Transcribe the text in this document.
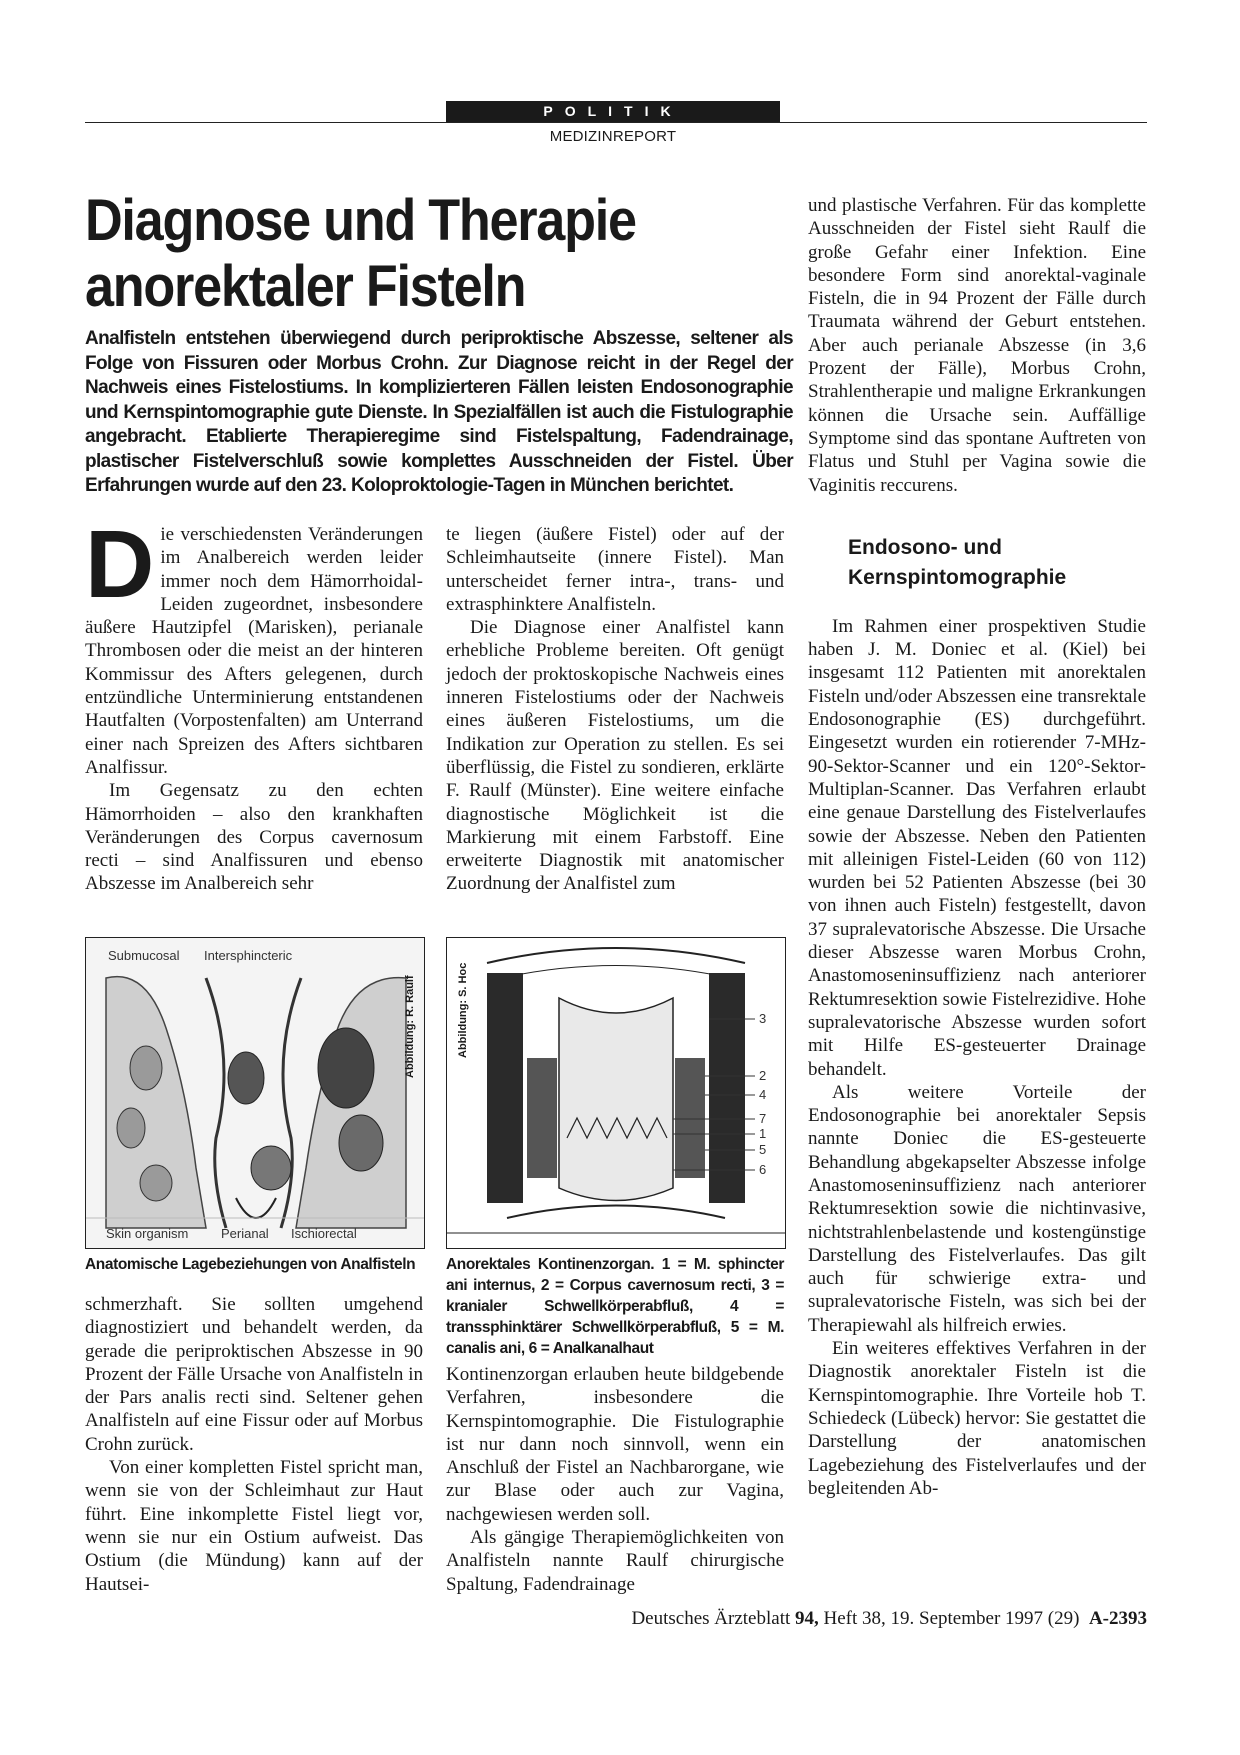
POLITIK
MEDIZINREPORT
Diagnose und Therapie
anorektaler Fisteln

Analfisteln entstehen überwiegend durch periproktische Abszesse, seltener als Folge von Fissuren oder Morbus Crohn. Zur Diagnose reicht in der Regel der Nachweis eines Fistelostiums. In komplizierteren Fällen leisten Endosonographie und Kernspintomographie gute Dienste. In Spezialfällen ist auch die Fistulographie angebracht. Etablierte Therapieregime sind Fistelspaltung, Fadendrainage, plastischer Fistelverschluß sowie komplettes Ausschneiden der Fistel. Über Erfahrungen wurde auf den 23. Koloproktologie-Tagen in München berichtet.

Die verschiedensten Veränderungen im Analbereich werden leider immer noch dem Hämorrhoidal-Leiden zugeordnet, insbesondere äußere Hautzipfel (Marisken), perianale Thrombosen oder die meist an der hinteren Kommissur des Afters gelegenen, durch entzündliche Unterminierung entstandenen Hautfalten (Vorpostenfalten) am Unterrand einer nach Spreizen des Afters sichtbaren Analfissur.

Im Gegensatz zu den echten Hämorrhoiden – also den krankhaften Veränderungen des Corpus cavernosum recti – sind Analfissuren und ebenso Abszesse im Analbereich sehr

te liegen (äußere Fistel) oder auf der Schleimhautseite (innere Fistel). Man unterscheidet ferner intra-, trans- und extrasphinktere Analfisteln.

Die Diagnose einer Analfistel kann erhebliche Probleme bereiten. Oft genügt jedoch der proktoskopische Nachweis eines inneren Fistelostiums oder der Nachweis eines äußeren Fistelostiums, um die Indikation zur Operation zu stellen. Es sei überflüssig, die Fistel zu sondieren, erklärte F. Raulf (Münster). Eine weitere einfache diagnostische Möglichkeit ist die Markierung mit einem Farbstoff. Eine erweiterte Diagnostik mit anatomischer Zuordnung der Analfistel zum

Submucosal Intersphincteric
Skin organism	Perianal Ischiorectal
Abbildung: R. Raulf
Anatomische Lagebeziehungen von Analfisteln
3
2
4
7
1
5
6
Abbildung: S. Hoc
Anorektales Kontinenzorgan. 1 = M. sphincter ani internus, 2 = Corpus cavernosum recti, 3 = kranialer Schwellkörperabfluß, 4 = transsphinktärer Schwellkörperabfluß, 5 = M. canalis ani, 6 = Analkanalhaut

schmerzhaft. Sie sollten umgehend diagnostiziert und behandelt werden, da gerade die periproktischen Abszesse in 90 Prozent der Fälle Ursache von Analfisteln in der Pars analis recti sind. Seltener gehen Analfisteln auf eine Fissur oder auf Morbus Crohn zurück.

Von einer kompletten Fistel spricht man, wenn sie von der Schleimhaut zur Haut führt. Eine inkomplette Fistel liegt vor, wenn sie nur ein Ostium aufweist. Das Ostium (die Mündung) kann auf der Hautsei-

Kontinenzorgan erlauben heute bildgebende Verfahren, insbesondere die Kernspintomographie. Die Fistulographie ist nur dann noch sinnvoll, wenn ein Anschluß der Fistel an Nachbarorgane, wie zur Blase oder auch zur Vagina, nachgewiesen werden soll.

Als gängige Therapiemöglichkeiten von Analfisteln nannte Raulf chirurgische Spaltung, Fadendrainage

und plastische Verfahren. Für das komplette Ausschneiden der Fistel sieht Raulf die große Gefahr einer Infektion. Eine besondere Form sind anorektal-vaginale Fisteln, die in 94 Prozent der Fälle durch Traumata während der Geburt entstehen. Aber auch perianale Abszesse (in 3,6 Prozent der Fälle), Morbus Crohn, Strahlentherapie und maligne Erkrankungen können die Ursache sein. Auffällige Symptome sind das spontane Auftreten von Flatus und Stuhl per Vagina sowie die Vaginitis reccurens.

Endosono- und
Kernspintomographie

Im Rahmen einer prospektiven Studie haben J. M. Doniec et al. (Kiel) bei insgesamt 112 Patienten mit anorektalen Fisteln und/oder Abszessen eine transrektale Endosonographie (ES) durchgeführt. Eingesetzt wurden ein rotierender 7-MHz-90-Sektor-Scanner und ein 120°-Sektor-Multiplan-Scanner. Das Verfahren erlaubt eine genaue Darstellung des Fistelverlaufes sowie der Abszesse. Neben den Patienten mit alleinigen Fistel-Leiden (60 von 112) wurden bei 52 Patienten Abszesse (bei 30 von ihnen auch Fisteln) festgestellt, davon 37 supralevatorische Abszesse. Die Ursache dieser Abszesse waren Morbus Crohn, Anastomoseninsuffizienz nach anteriorer Rektumresektion sowie Fistelrezidive. Hohe supralevatorische Abszesse wurden sofort mit Hilfe ES-gesteuerter Drainage behandelt.

Als weitere Vorteile der Endosonographie bei anorektaler Sepsis nannte Doniec die ES-gesteuerte Behandlung abgekapselter Abszesse infolge Anastomoseninsuffizienz nach anteriorer Rektumresektion sowie die nichtinvasive, nichtstrahlenbelastende und kostengünstige Darstellung des Fistelverlaufes. Das gilt auch für schwierige extra- und supralevatorische Fisteln, was sich bei der Therapiewahl als hilfreich erwies.

Ein weiteres effektives Verfahren in der Diagnostik anorektaler Fisteln ist die Kernspintomographie. Ihre Vorteile hob T. Schiedeck (Lübeck) hervor: Sie gestattet die Darstellung der anatomischen Lagebeziehung des Fistelverlaufes und der begleitenden Ab-

Deutsches Ärzteblatt 94, Heft 38, 19. September 1997 (29) A-2393
